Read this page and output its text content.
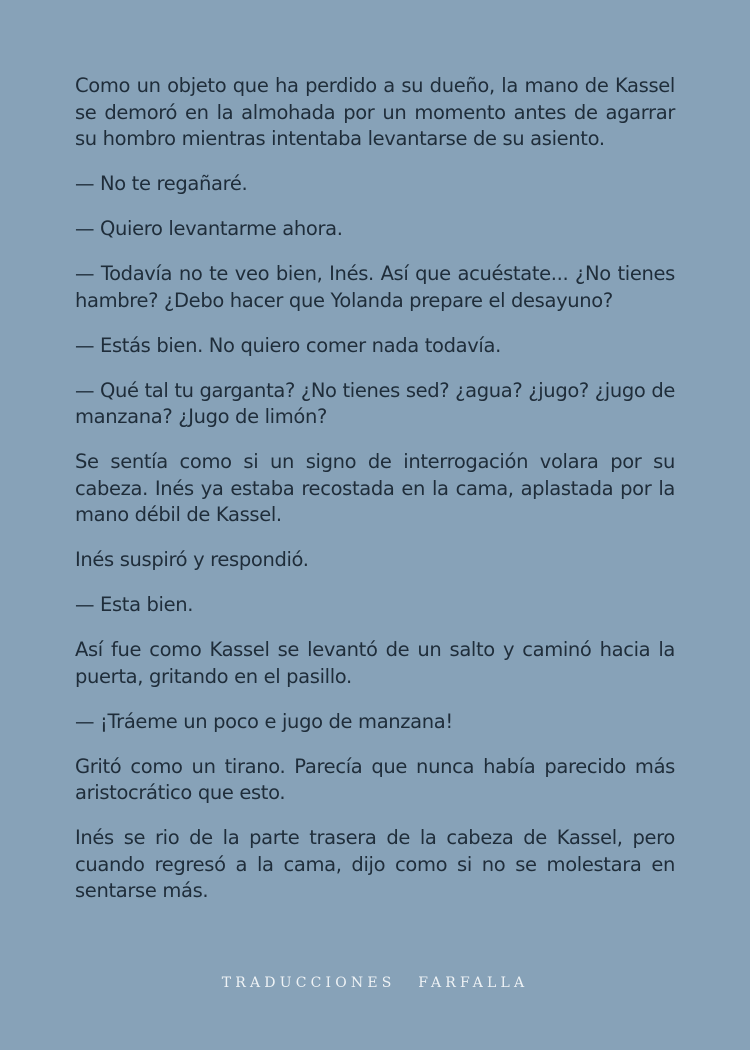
Como un objeto que ha perdido a su dueño, la mano de Kassel se demoró en la almohada por un momento antes de agarrar su hombro mientras intentaba levantarse de su asiento.

— No te regañaré.

— Quiero levantarme ahora.

— Todavía no te veo bien, Inés. Así que acuéstate... ¿No tienes hambre? ¿Debo hacer que Yolanda prepare el desayuno?

— Estás bien. No quiero comer nada todavía.

— Qué tal tu garganta? ¿No tienes sed? ¿agua? ¿jugo? ¿jugo de manzana? ¿Jugo de limón?

Se sentía como si un signo de interrogación volara por su cabeza. Inés ya estaba recostada en la cama, aplastada por la mano débil de Kassel.

Inés suspiró y respondió.

— Esta bien.

Así fue como Kassel se levantó de un salto y caminó hacia la puerta, gritando en el pasillo.

— ¡Tráeme un poco e jugo de manzana!

Gritó como un tirano. Parecía que nunca había parecido más aristocrático que esto.

Inés se rio de la parte trasera de la cabeza de Kassel, pero cuando regresó a la cama, dijo como si no se molestara en sentarse más.

TRADUCCIONES FARFALLA
